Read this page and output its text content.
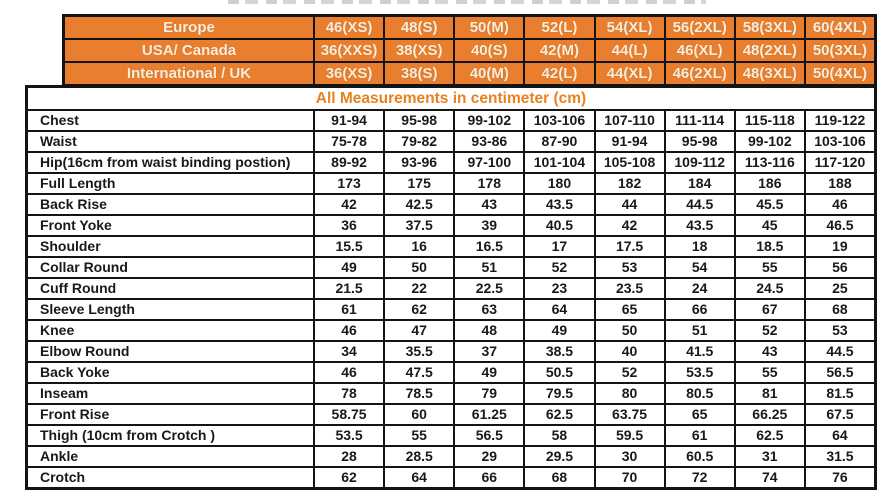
Europe	46(XS)	48(S)	50(M)	52(L)	54(XL)	56(2XL)	58(3XL)	60(4XL)
USA/ Canada	36(XXS)	38(XS)	40(S)	42(M)	44(L)	46(XL)	48(2XL)	50(3XL)
International / UK	36(XS)	38(S)	40(M)	42(L)	44(XL)	46(2XL)	48(3XL)	50(4XL)
All Measurements in centimeter (cm)
Chest	91-94	95-98	99-102	103-106	107-110	111-114	115-118	119-122
Waist	75-78	79-82	93-86	87-90	91-94	95-98	99-102	103-106
Hip(16cm from waist binding postion)	89-92	93-96	97-100	101-104	105-108	109-112	113-116	117-120
Full Length	173	175	178	180	182	184	186	188
Back Rise	42	42.5	43	43.5	44	44.5	45.5	46
Front Yoke	36	37.5	39	40.5	42	43.5	45	46.5
Shoulder	15.5	16	16.5	17	17.5	18	18.5	19
Collar Round	49	50	51	52	53	54	55	56
Cuff Round	21.5	22	22.5	23	23.5	24	24.5	25
Sleeve Length	61	62	63	64	65	66	67	68
Knee	46	47	48	49	50	51	52	53
Elbow Round	34	35.5	37	38.5	40	41.5	43	44.5
Back Yoke	46	47.5	49	50.5	52	53.5	55	56.5
Inseam	78	78.5	79	79.5	80	80.5	81	81.5
Front Rise	58.75	60	61.25	62.5	63.75	65	66.25	67.5
Thigh (10cm from Crotch )	53.5	55	56.5	58	59.5	61	62.5	64
Ankle	28	28.5	29	29.5	30	60.5	31	31.5
Crotch	62	64	66	68	70	72	74	76
